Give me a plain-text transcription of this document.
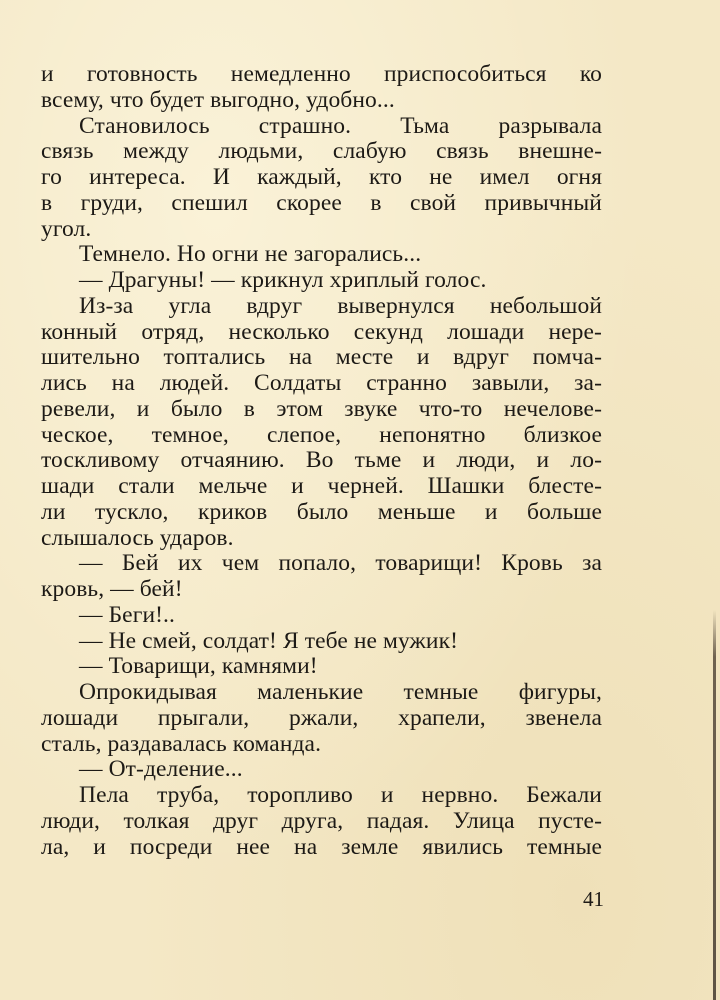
и готовность немедленно приспособиться ко
всему, что будет выгодно, удобно...
Становилось страшно. Тьма разрывала
связь между людьми, слабую связь внешне-
го интереса. И каждый, кто не имел огня
в груди, спешил скорее в свой привычный
угол.
Темнело. Но огни не загорались...
— Драгуны! — крикнул хриплый голос.
Из-за угла вдруг вывернулся небольшой
конный отряд, несколько секунд лошади нере-
шительно топтались на месте и вдруг помча-
лись на людей. Солдаты странно завыли, за-
ревели, и было в этом звуке что-то нечелове-
ческое, темное, слепое, непонятно близкое
тоскливому отчаянию. Во тьме и люди, и ло-
шади стали мельче и черней. Шашки блесте-
ли тускло, криков было меньше и больше
слышалось ударов.
— Бей их чем попало, товарищи! Кровь за
кровь, — бей!
— Беги!..
— Не смей, солдат! Я тебе не мужик!
— Товарищи, камнями!
Опрокидывая маленькие темные фигуры,
лошади прыгали, ржали, храпели, звенела
сталь, раздавалась команда.
— От-деление...
Пела труба, торопливо и нервно. Бежали
люди, толкая друг друга, падая. Улица пусте-
ла, и посреди нее на земле явились темные
41
